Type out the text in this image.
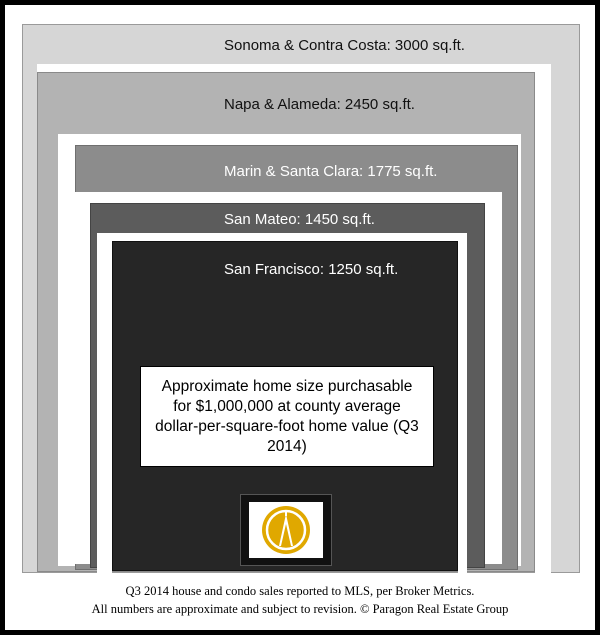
Sonoma & Contra Costa: 3000 sq.ft.
Napa & Alameda: 2450 sq.ft.
Marin & Santa Clara: 1775 sq.ft.
San Mateo: 1450 sq.ft.
San Francisco: 1250 sq.ft.
Approximate home size purchasable for $1,000,000 at county average dollar-per-square-foot home value (Q3 2014)
Q3 2014 house and condo sales reported to MLS, per Broker Metrics.
All numbers are approximate and subject to revision. © Paragon Real Estate Group
